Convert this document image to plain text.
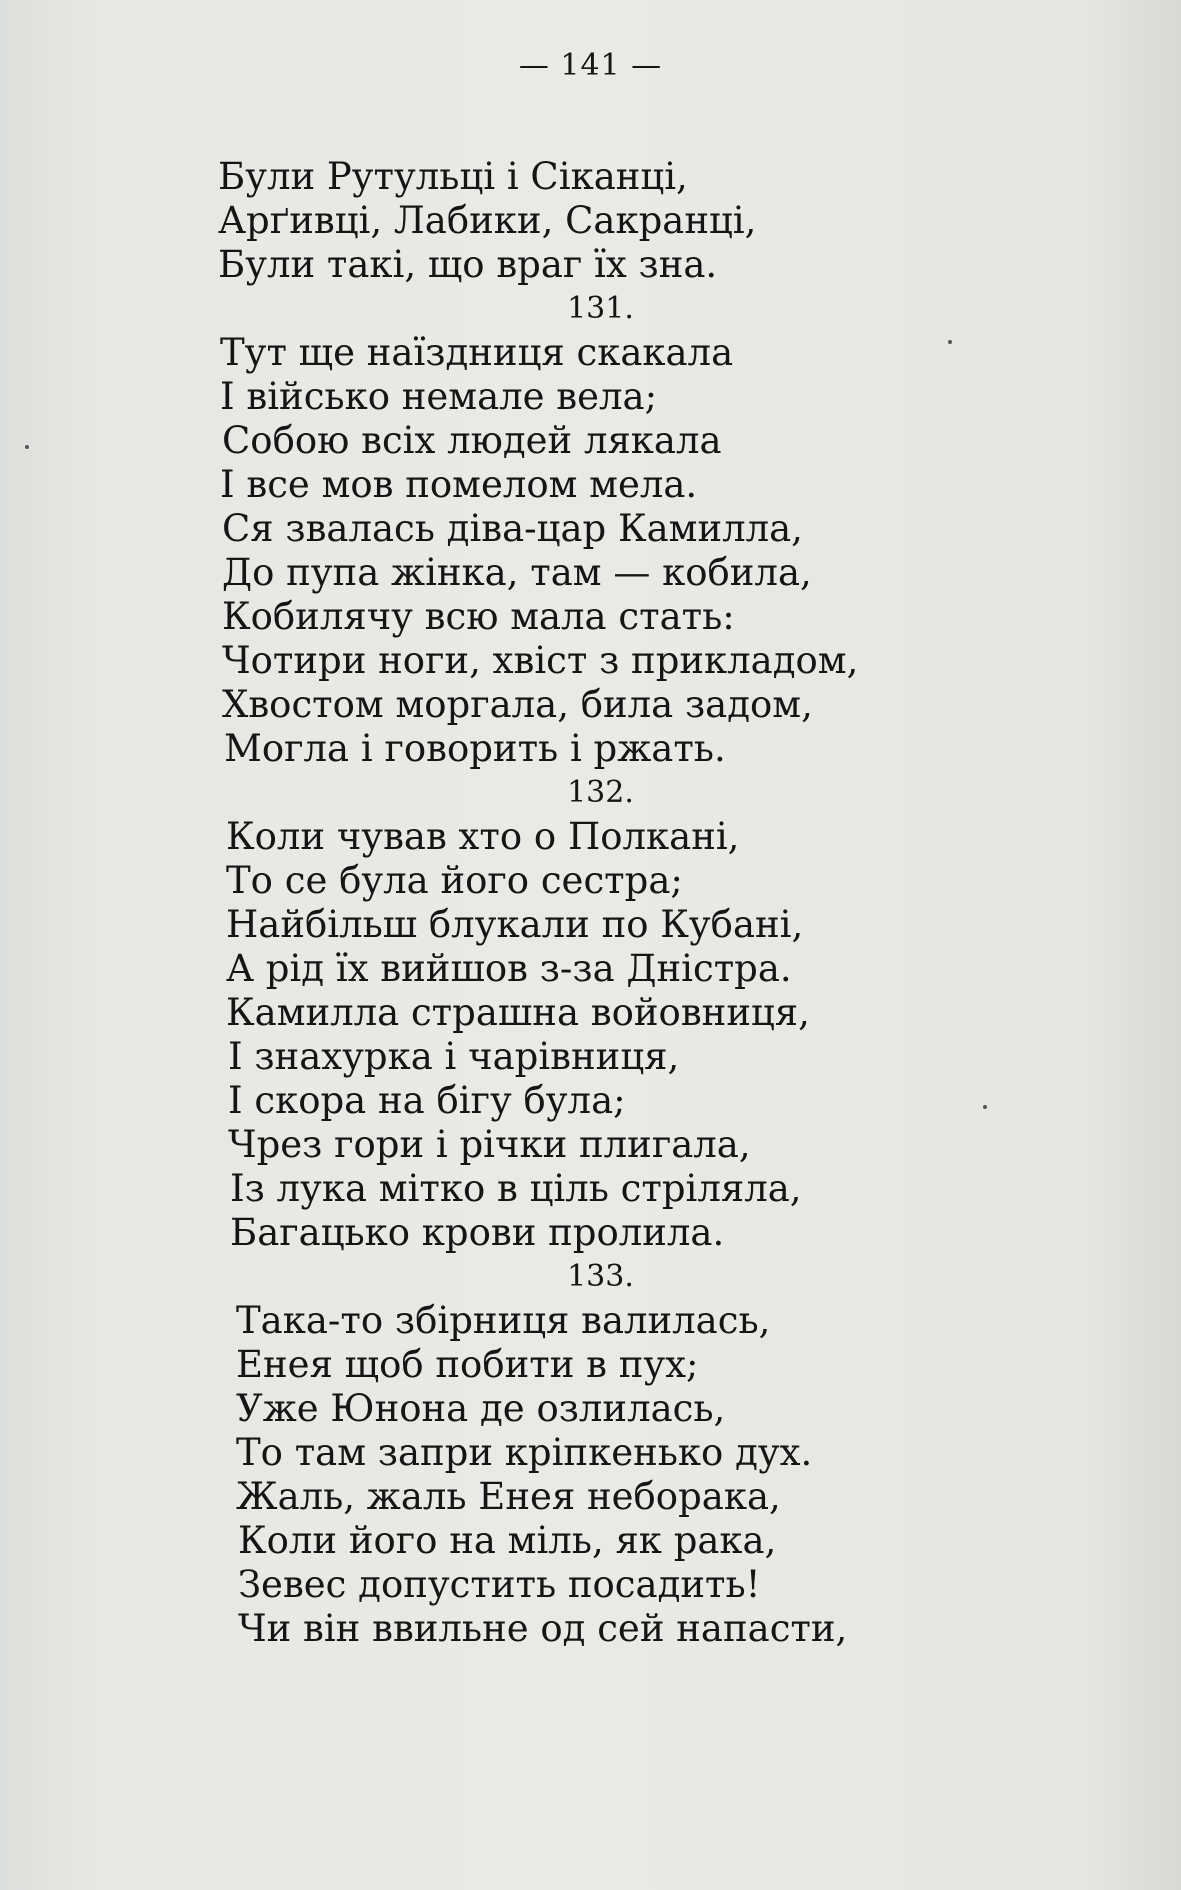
— 141 —
Були Рутульці і Сіканці,
Арґивці, Лабики, Сакранці,
Були такі, що враг їх зна.
131.
Тут ще наїздниця скакала
І військо немале вела;
Собою всіх людей лякала
І все мов помелом мела.
Ся звалась діва-цар Камилла,
До пупа жінка, там — кобила,
Кобилячу всю мала стать:
Чотири ноги, хвіст з прикладом,
Хвостом моргала, била задом,
Могла і говорить і ржать.
132.
Коли чував хто о Полкані,
То се була його сестра;
Найбільш блукали по Кубані,
А рід їх вийшов з-за Дністра.
Камилла страшна войовниця,
І знахурка і чарівниця,
І скора на бігу була;
Чрез гори і річки плигала,
Із лука мітко в ціль стріляла,
Багацько крови пролила.
133.
Така-то збірниця валилась,
Енея щоб побити в пух;
Уже Юнона де озлилась,
То там запри кріпкенько дух.
Жаль, жаль Енея неборака,
Коли його на міль, як рака,
Зевес допустить посадить!
Чи він ввильне од сей напасти,
